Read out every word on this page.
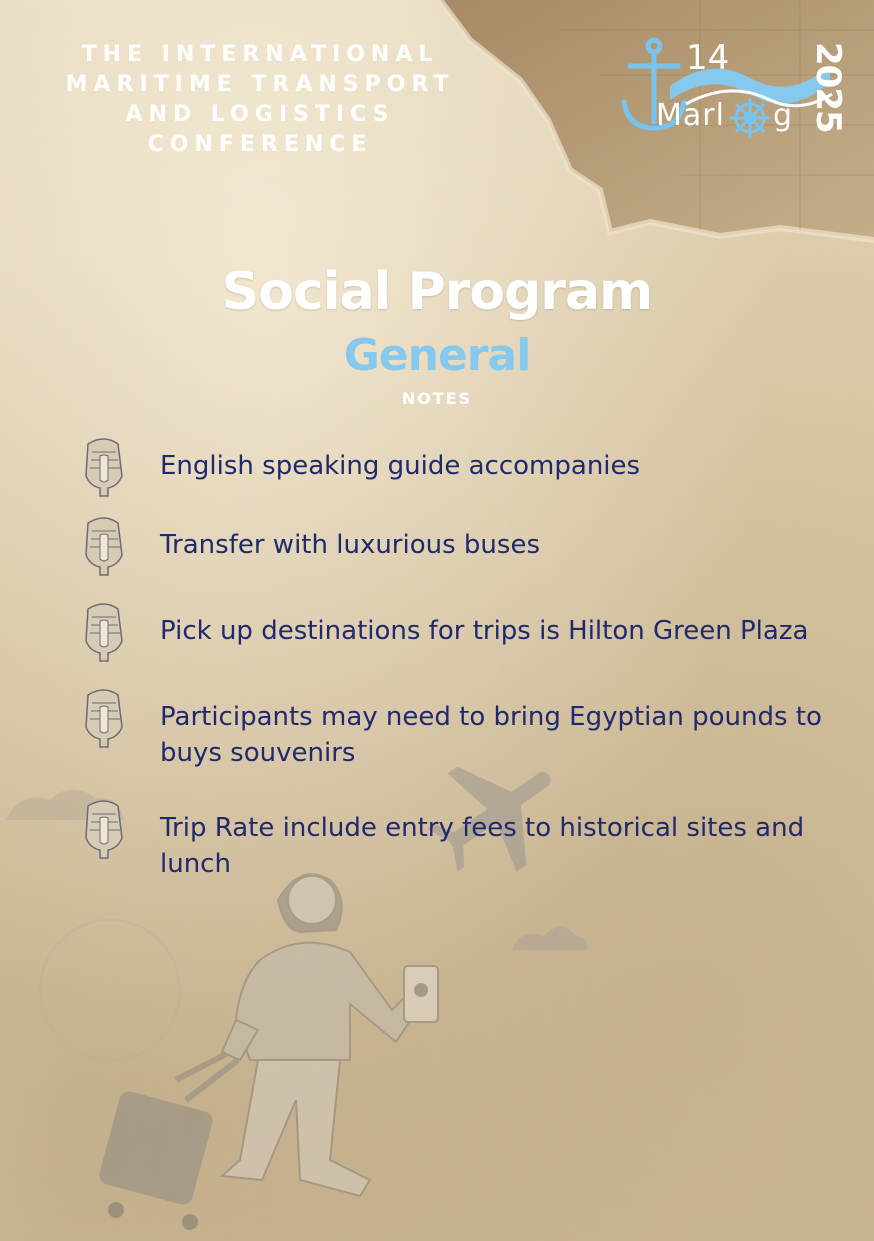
THE INTERNATIONAL
MARITIME TRANSPORT
AND LOGISTICS
CONFERENCE
14
Marl g 2025
Social Program
General
NOTES
English speaking guide accompanies
Transfer with luxurious buses
Pick up destinations for trips is Hilton Green Plaza
Participants may need to bring Egyptian pounds to buys souvenirs
Trip Rate include entry fees to historical sites and lunch
